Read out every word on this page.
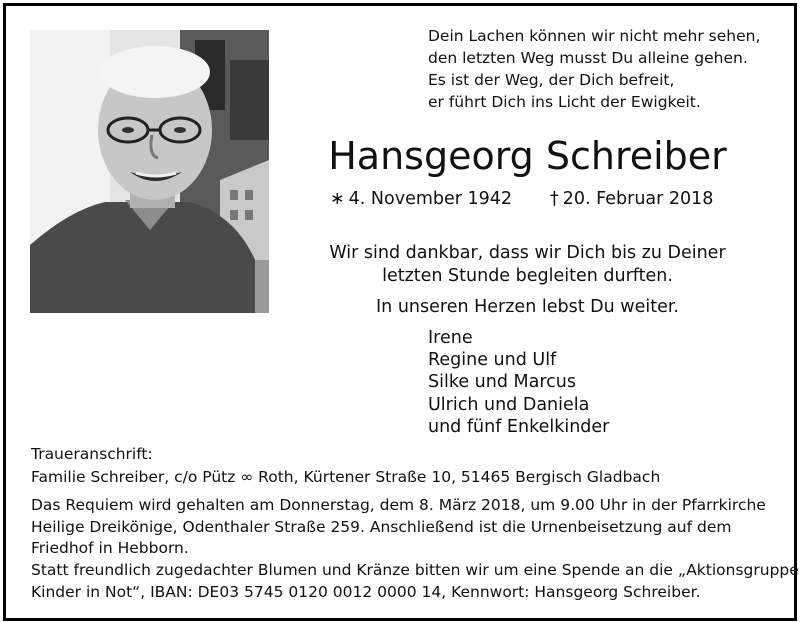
Dein Lachen können wir nicht mehr sehen,
den letzten Weg musst Du alleine gehen.
Es ist der Weg, der Dich befreit,
er führt Dich ins Licht der Ewigkeit.
Hansgeorg Schreiber
∗ 4. November 1942 † 20. Februar 2018
Wir sind dankbar, dass wir Dich bis zu Deiner
letzten Stunde begleiten durften.
In unseren Herzen lebst Du weiter.
Irene
Regine und Ulf
Silke und Marcus
Ulrich und Daniela
und fünf Enkelkinder
Traueranschrift:
Familie Schreiber, c/o Pütz ∞ Roth, Kürtener Straße 10, 51465 Bergisch Gladbach
Das Requiem wird gehalten am Donnerstag, dem 8. März 2018, um 9.00 Uhr in der Pfarrkirche
Heilige Dreikönige, Odenthaler Straße 259. Anschließend ist die Urnenbeisetzung auf dem
Friedhof in Hebborn.
Statt freundlich zugedachter Blumen und Kränze bitten wir um eine Spende an die „Aktionsgruppe
Kinder in Not“, IBAN: DE03 5745 0120 0012 0000 14, Kennwort: Hansgeorg Schreiber.
